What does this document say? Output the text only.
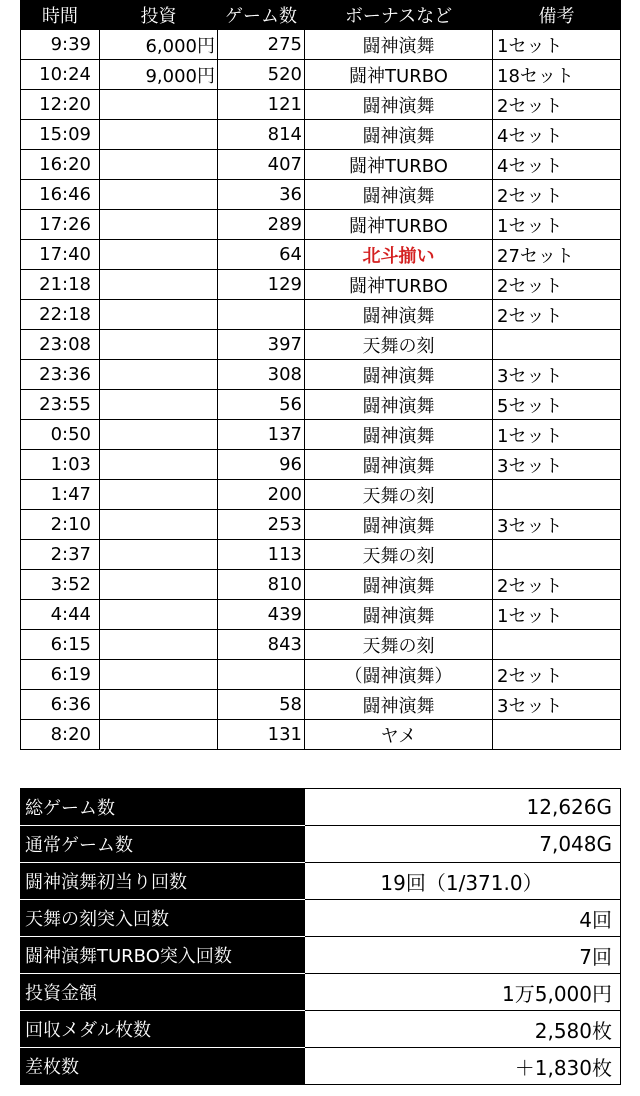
時間	投資	ゲーム数	ボーナスなど	備考
9:39	6,000円	275	闘神演舞	1セット
10:24	9,000円	520	闘神TURBO	18セット
12:20		121	闘神演舞	2セット
15:09		814	闘神演舞	4セット
16:20		407	闘神TURBO	4セット
16:46		36	闘神演舞	2セット
17:26		289	闘神TURBO	1セット
17:40		64	北斗揃い	27セット
21:18		129	闘神TURBO	2セット
22:18			闘神演舞	2セット
23:08		397	天舞の刻	
23:36		308	闘神演舞	3セット
23:55		56	闘神演舞	5セット
0:50		137	闘神演舞	1セット
1:03		96	闘神演舞	3セット
1:47		200	天舞の刻	
2:10		253	闘神演舞	3セット
2:37		113	天舞の刻	
3:52		810	闘神演舞	2セット
4:44		439	闘神演舞	1セット
6:15		843	天舞の刻	
6:19			（闘神演舞）	2セット
6:36		58	闘神演舞	3セット
8:20		131	ヤメ	
総ゲーム数	12,626G
通常ゲーム数	7,048G
闘神演舞初当り回数	19回（1/371.0）
天舞の刻突入回数	4回
闘神演舞TURBO突入回数	7回
投資金額	1万5,000円
回収メダル枚数	2,580枚
差枚数	＋1,830枚
